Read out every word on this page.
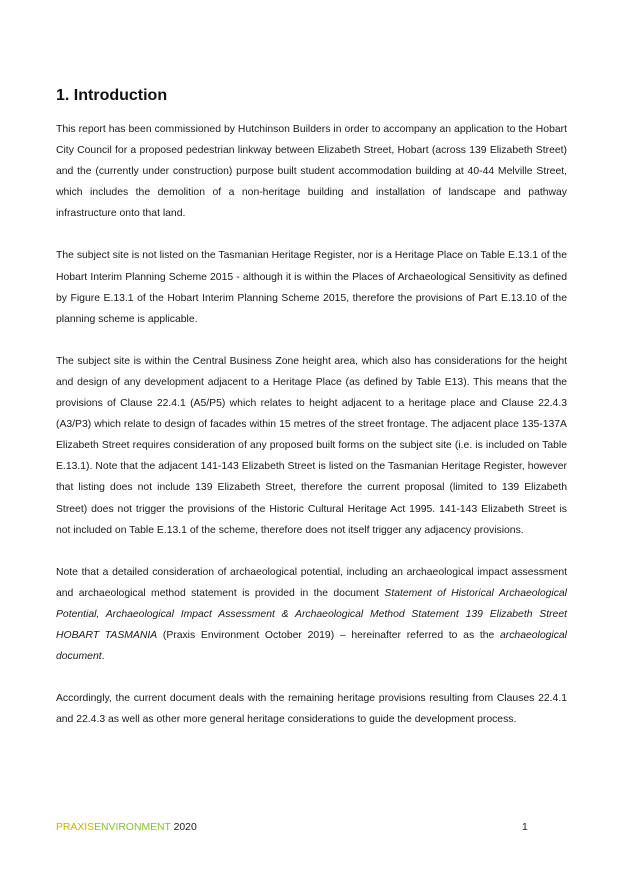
1. Introduction

This report has been commissioned by Hutchinson Builders in order to accompany an application to the Hobart City Council for a proposed pedestrian linkway between Elizabeth Street, Hobart (across 139 Elizabeth Street) and the (currently under construction) purpose built student accommodation building at 40-44 Melville Street, which includes the demolition of a non-heritage building and installation of landscape and pathway infrastructure onto that land.

The subject site is not listed on the Tasmanian Heritage Register, nor is a Heritage Place on Table E.13.1 of the Hobart Interim Planning Scheme 2015 - although it is within the Places of Archaeological Sensitivity as defined by Figure E.13.1 of the Hobart Interim Planning Scheme 2015, therefore the provisions of Part E.13.10 of the planning scheme is applicable.

The subject site is within the Central Business Zone height area, which also has considerations for the height and design of any development adjacent to a Heritage Place (as defined by Table E13). This means that the provisions of Clause 22.4.1 (A5/P5) which relates to height adjacent to a heritage place and Clause 22.4.3 (A3/P3) which relate to design of facades within 15 metres of the street frontage. The adjacent place 135-137A Elizabeth Street requires consideration of any proposed built forms on the subject site (i.e. is included on Table E.13.1). Note that the adjacent 141-143 Elizabeth Street is listed on the Tasmanian Heritage Register, however that listing does not include 139 Elizabeth Street, therefore the current proposal (limited to 139 Elizabeth Street) does not trigger the provisions of the Historic Cultural Heritage Act 1995. 141-143 Elizabeth Street is not included on Table E.13.1 of the scheme, therefore does not itself trigger any adjacency provisions.

Note that a detailed consideration of archaeological potential, including an archaeological impact assessment and archaeological method statement is provided in the document Statement of Historical Archaeological Potential, Archaeological Impact Assessment & Archaeological Method Statement 139 Elizabeth Street HOBART TASMANIA (Praxis Environment October 2019) – hereinafter referred to as the archaeological document.

Accordingly, the current document deals with the remaining heritage provisions resulting from Clauses 22.4.1 and 22.4.3 as well as other more general heritage considerations to guide the development process.

PRAXISENVIRONMENT 2020	1
